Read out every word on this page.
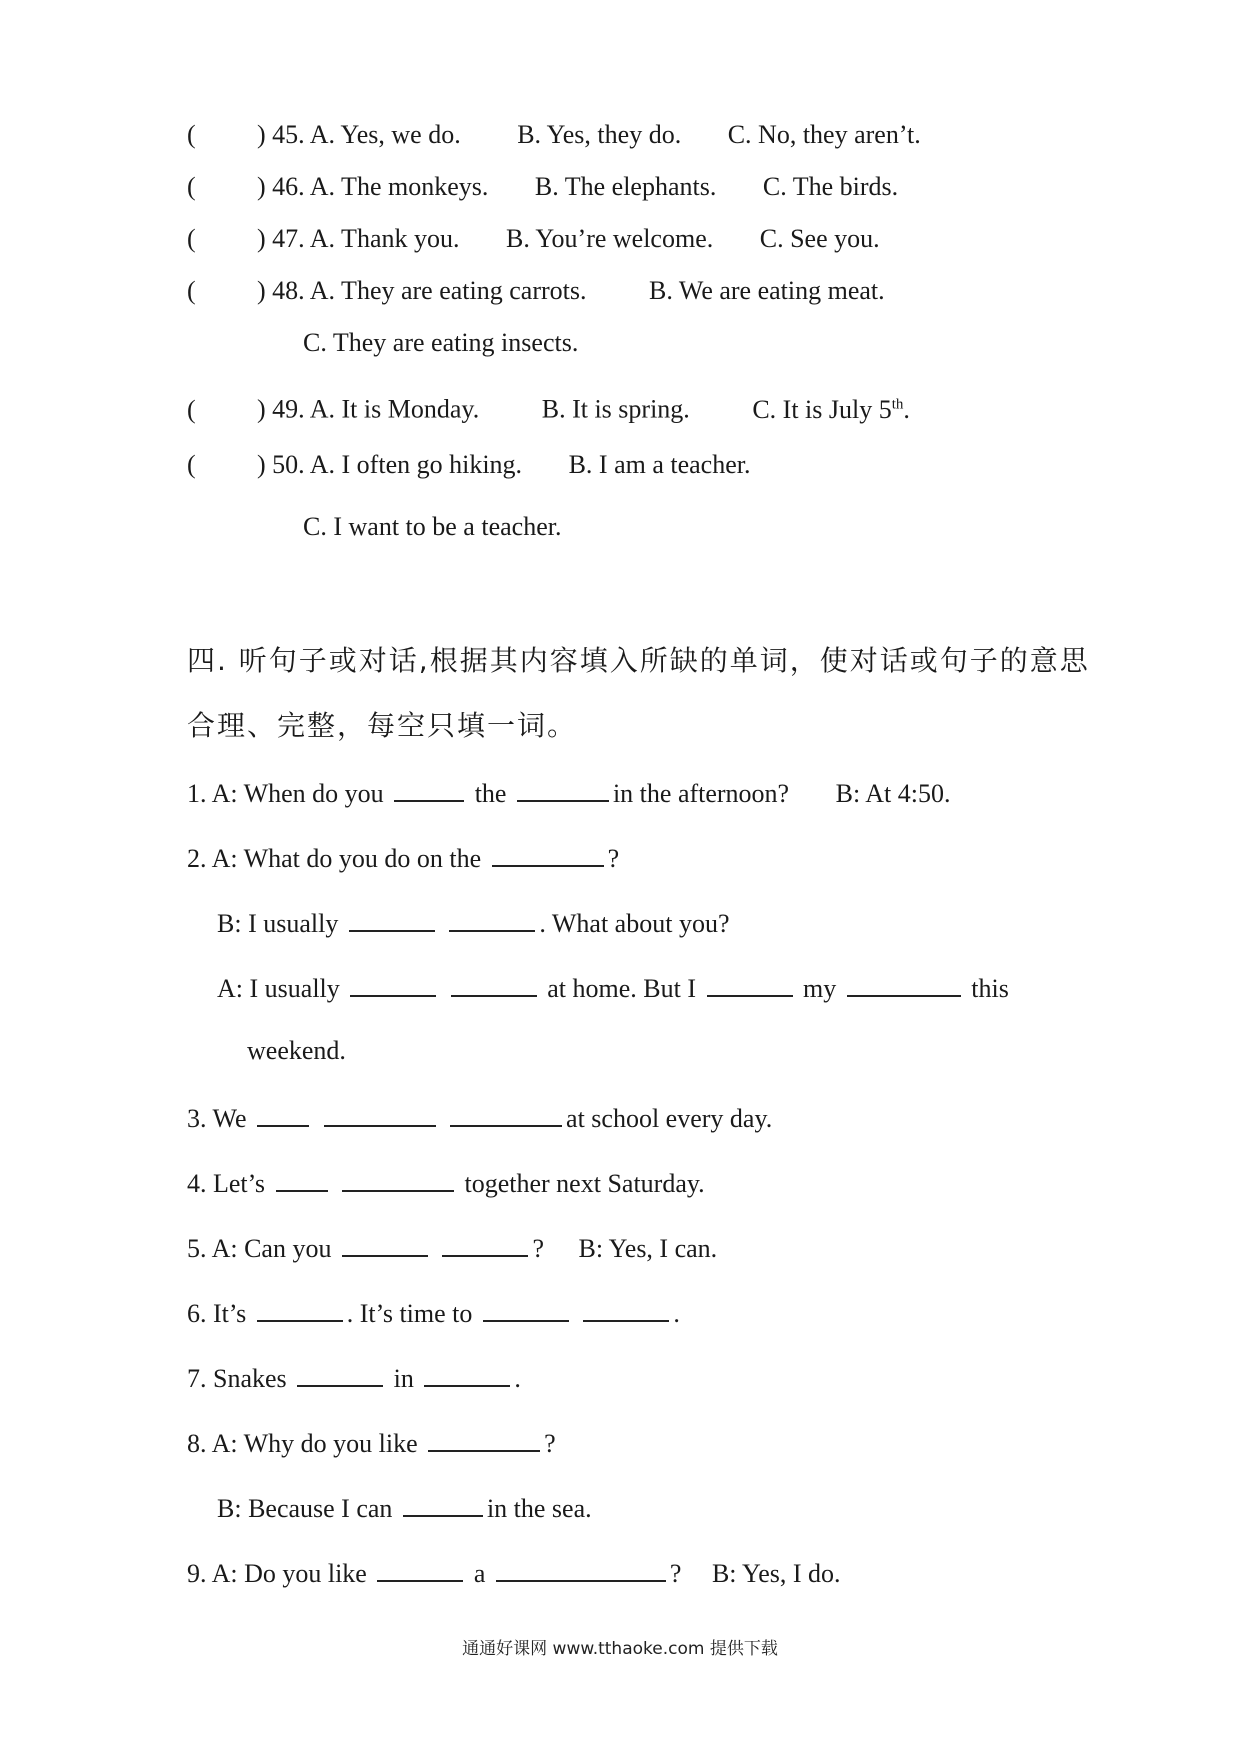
( ) 45. A. Yes, we do. B. Yes, they do. C. No, they aren’t.
( ) 46. A. The monkeys. B. The elephants. C. The birds.
( ) 47. A. Thank you. B. You’re welcome. C. See you.
( ) 48. A. They are eating carrots. B. We are eating meat.
C. They are eating insects.
( ) 49. A. It is Monday. B. It is spring. C. It is July 5th.
( ) 50. A. I often go hiking. B. I am a teacher.
C. I want to be a teacher.
四. 听句子或对话,根据其内容填入所缺的单词，使对话或句子的意思
合理、完整，每空只填一词。
1. A: When do you	the	in the afternoon? B: At 4:50.
2. A: What do you do on the	?
B: I usually	. What about you?
A: I usually	at home. But I	my	this
weekend.
3. We	at school every day.
4. Let’s	together next Saturday.
5. A: Can you	? B: Yes, I can.
6. It’s	. It’s time to	.
7. Snakes	in	.
8. A: Why do you like	?
B: Because I can	in the sea.
9. A: Do you like	a	? B: Yes, I do.
通通好课网 www.tthaoke.com 提供下载
